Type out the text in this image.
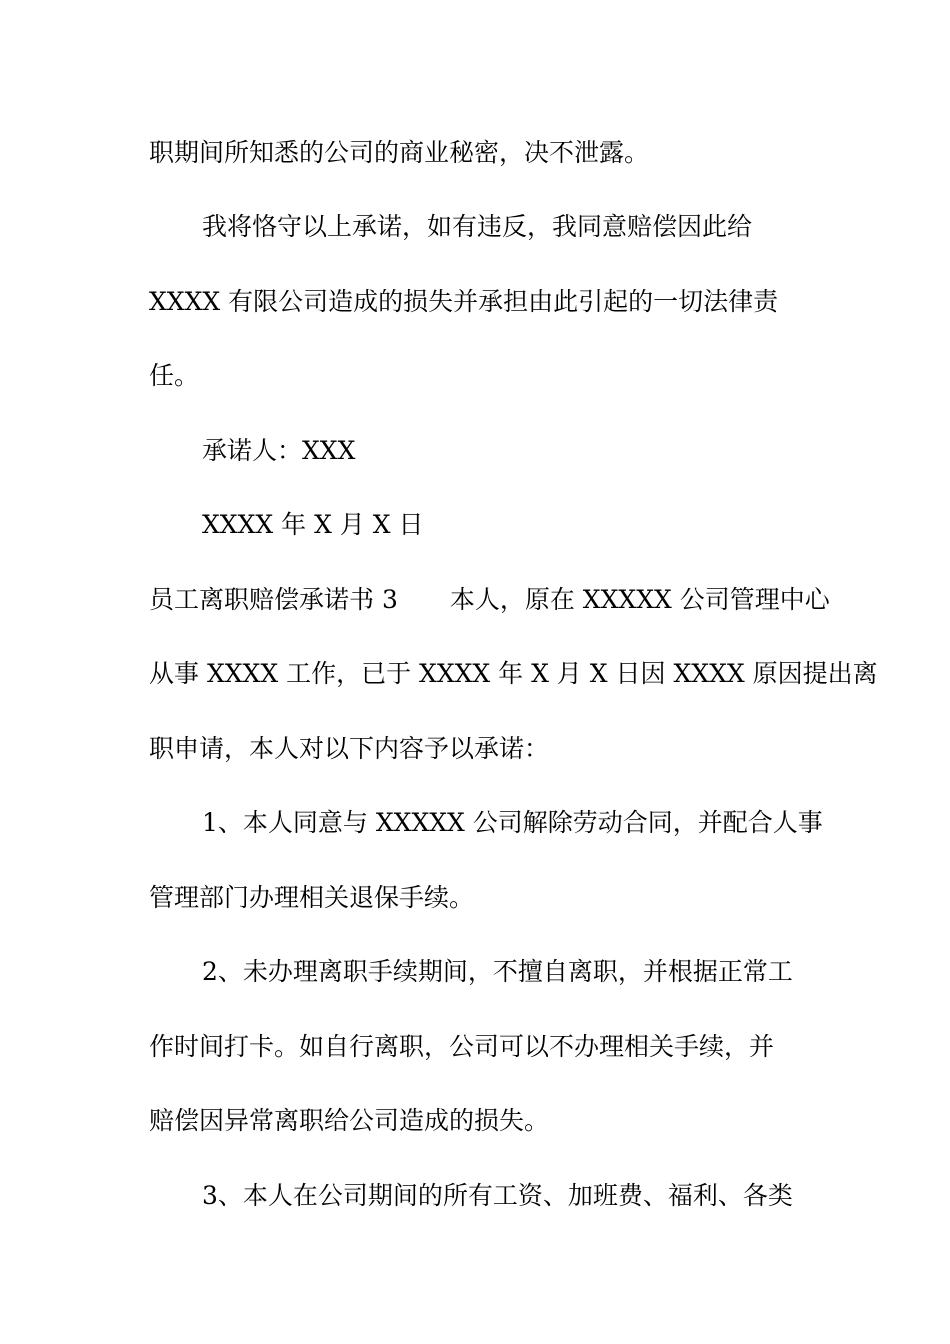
职期间所知悉的公司的商业秘密，决不泄露。
我将恪守以上承诺，如有违反，我同意赔偿因此给
XXXX 有限公司造成的损失并承担由此引起的一切法律责
任。
承诺人：XXX
XXXX 年 X 月 X 日
员工离职赔偿承诺书 3 本人，原在 XXXXX 公司管理中心
从事 XXXX 工作，已于 XXXX 年 X 月 X 日因 XXXX 原因提出离
职申请，本人对以下内容予以承诺：
1、本人同意与 XXXXX 公司解除劳动合同，并配合人事
管理部门办理相关退保手续。
2、未办理离职手续期间，不擅自离职，并根据正常工
作时间打卡。如自行离职，公司可以不办理相关手续，并
赔偿因异常离职给公司造成的损失。
3、本人在公司期间的所有工资、加班费、福利、各类
